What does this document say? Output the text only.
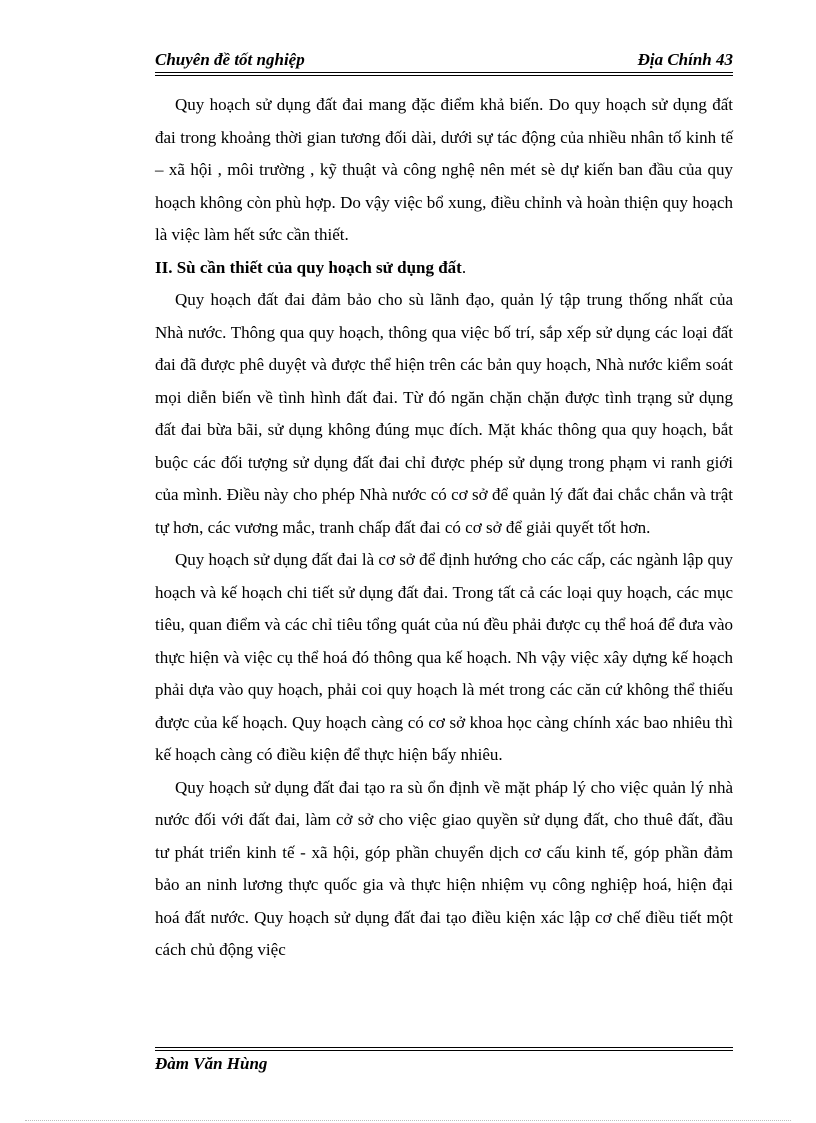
Chuyên đề tốt nghiệp	Địa Chính 43

Quy hoạch sử dụng đất đai mang đặc điểm khả biến. Do quy hoạch sử dụng đất đai trong khoảng thời gian tương đối dài, dưới sự tác động của nhiều nhân tố kinh tế – xã hội , môi trường , kỹ thuật và công nghệ nên mét sè dự kiến ban đầu của quy hoạch không còn phù hợp. Do vậy việc bổ xung, điều chỉnh và hoàn thiện quy hoạch là việc làm hết sức cần thiết.

II. Sù cần thiết của quy hoạch sử dụng đất.

Quy hoạch đất đai đảm bảo cho sù lãnh đạo, quản lý tập trung thống nhất của Nhà nước. Thông qua quy hoạch, thông qua việc bố trí, sắp xếp sử dụng các loại đất đai đã được phê duyệt và được thể hiện trên các bản quy hoạch, Nhà nước kiểm soát mọi diễn biến về tình hình đất đai. Từ đó ngăn chặn chặn được tình trạng sử dụng đất đai bừa bãi, sử dụng không đúng mục đích. Mặt khác thông qua quy hoạch, bắt buộc các đối tượng sử dụng đất đai chỉ được phép sử dụng trong phạm vi ranh giới của mình. Điều này cho phép Nhà nước có cơ sở để quản lý đất đai chắc chắn và trật tự hơn, các vương mắc, tranh chấp đất đai có cơ sở để giải quyết tốt hơn.

Quy hoạch sử dụng đất đai là cơ sở để định hướng cho các cấp, các ngành lập quy hoạch và kế hoạch chi tiết sử dụng đất đai. Trong tất cả các loại quy hoạch, các mục tiêu, quan điểm và các chỉ tiêu tổng quát của nú đều phải được cụ thể hoá để đưa vào thực hiện và việc cụ thể hoá đó thông qua kế hoạch. Nh vậy việc xây dựng kế hoạch phải dựa vào quy hoạch, phải coi quy hoạch là mét trong các căn cứ không thể thiếu được của kế hoạch. Quy hoạch càng có cơ sở khoa học càng chính xác bao nhiêu thì kế hoạch càng có điều kiện để thực hiện bấy nhiêu.

Quy hoạch sử dụng đất đai tạo ra sù ổn định về mặt pháp lý cho việc quản lý nhà nước đối với đất đai, làm cở sở cho việc giao quyền sử dụng đất, cho thuê đất, đầu tư phát triển kinh tế - xã hội, góp phần chuyển dịch cơ cấu kinh tế, góp phần đảm bảo an ninh lương thực quốc gia và thực hiện nhiệm vụ công nghiệp hoá, hiện đại hoá đất nước. Quy hoạch sử dụng đất đai tạo điều kiện xác lập cơ chế điều tiết một cách chủ động việc

Đàm Văn Hùng
